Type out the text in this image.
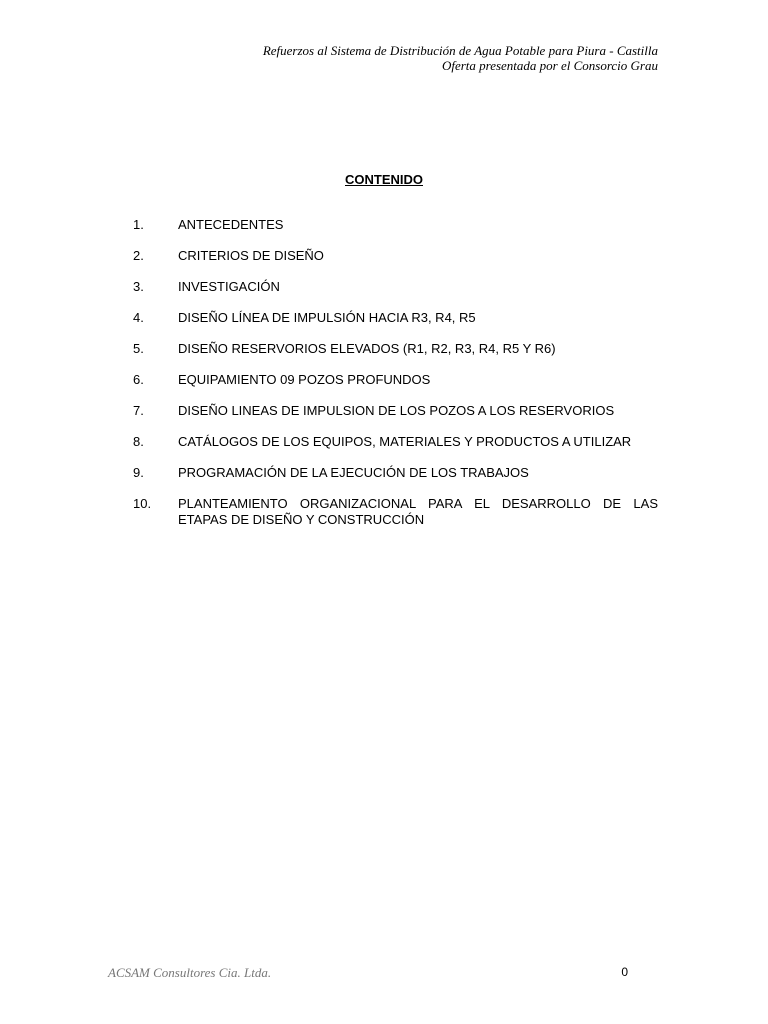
Refuerzos al Sistema de Distribución de Agua Potable para Piura - Castilla
Oferta presentada por el Consorcio Grau
CONTENIDO
1.	ANTECEDENTES
2.	CRITERIOS DE DISEÑO
3.	INVESTIGACIÓN
4.	DISEÑO LÍNEA DE IMPULSIÓN HACIA R3, R4, R5
5.	DISEÑO RESERVORIOS ELEVADOS (R1, R2, R3, R4, R5 Y R6)
6.	EQUIPAMIENTO 09 POZOS PROFUNDOS
7.	DISEÑO LINEAS DE IMPULSION DE LOS POZOS A LOS RESERVORIOS
8.	CATÁLOGOS DE LOS EQUIPOS, MATERIALES Y PRODUCTOS A UTILIZAR
9.	PROGRAMACIÓN DE LA EJECUCIÓN DE LOS TRABAJOS
10.	PLANTEAMIENTO ORGANIZACIONAL PARA EL DESARROLLO DE LAS ETAPAS DE DISEÑO Y CONSTRUCCIÓN
ACSAM Consultores Cia. Ltda.	0
